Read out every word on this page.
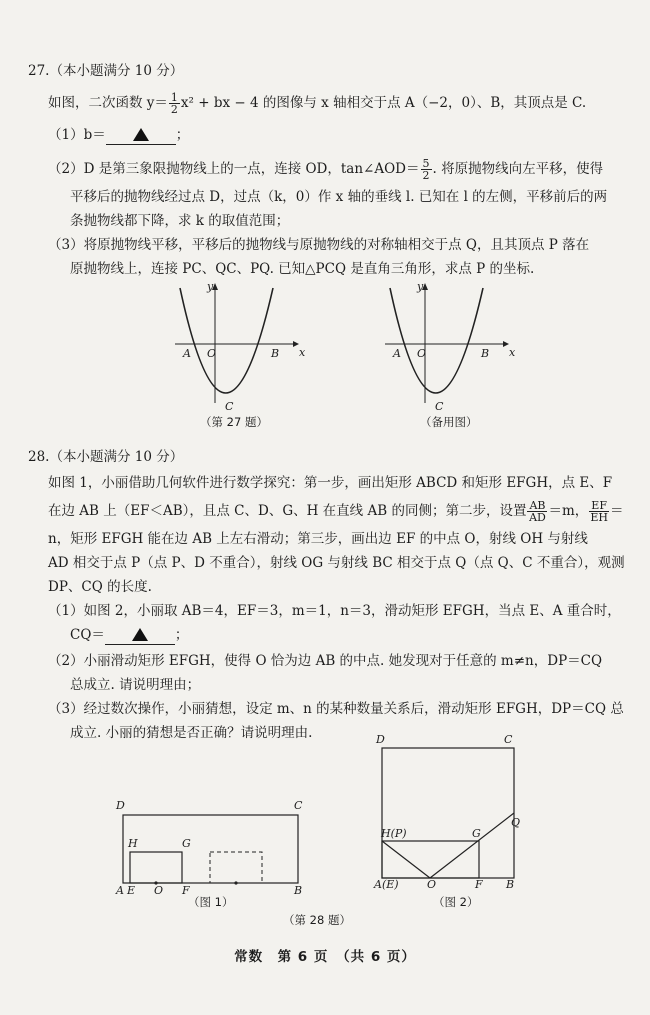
27.（本小题满分 10 分）
如图，二次函数 $y= \frac{1}{2} x^2$ + bx − 4 的图像与 x 轴相交于点 A（−2，0）、B，其顶点是 C.
（1）b＝	；
（2）D 是第三象限抛物线上的一点，连接 OD，tan∠AOD＝ $\frac{5}{2}$ . 将原抛物线向左平移，使得
平移后的抛物线经过点 D，过点（k，0）作 x 轴的垂线 l. 已知在 l 的左侧，平移前后的两
条抛物线都下降，求 k 的取值范围；
（3）将原抛物线平移，平移后的抛物线与原抛物线的对称轴相交于点 Q，且其顶点 P 落在
原抛物线上，连接 PC、QC、PQ. 已知△PCQ 是直角三角形，求点 P 的坐标.
y
x
A O	B
C
（第 27 题）
y
x
A O	B
C
（备用图）
28.（本小题满分 10 分）
如图 1，小丽借助几何软件进行数学探究：第一步，画出矩形 ABCD 和矩形 EFGH，点 E、F
在边 AB 上（EF＜AB），且点 C、D、G、H 在直线 AB 的同侧；第二步，设置 $\frac{AB}{AD} =m$， $\frac{EF}{EH}$ ＝
n，矩形 EFGH 能在边 AB 上左右滑动；第三步，画出边 EF 的中点 O，射线 OH 与射线
AD 相交于点 P（点 P、D 不重合），射线 OG 与射线 BC 相交于点 Q（点 Q、C 不重合），观测
DP、CQ 的长度.
（1）如图 2，小丽取 AB＝4，EF＝3，m＝1，n＝3，滑动矩形 EFGH，当点 E、A 重合时，
CQ＝	；
（2）小丽滑动矩形 EFGH，使得 O 恰为边 AB 的中点. 她发现对于任意的 m≠n，DP＝CQ
总成立. 请说明理由；
（3）经过数次操作，小丽猜想，设定 m、n 的某种数量关系后，滑动矩形 EFGH，DP＝CQ 总
成立. 小丽的猜想是否正确？请说明理由.
D	C
H	G
A E O F	B
（图 1）
D	C
H(P)	G
Q
A(E)	O	F B
（图 2）
（第 28 题）
常数　第 6 页　（共 6 页）
